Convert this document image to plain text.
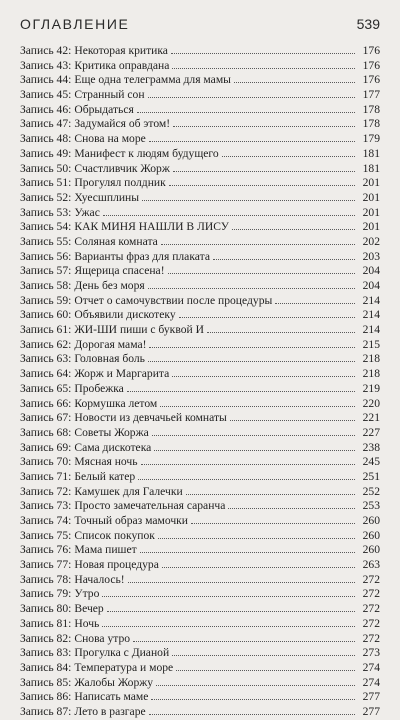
ОГЛАВЛЕНИЕ	539
Запись 42: Некоторая критика	176
Запись 43: Критика оправдана	176
Запись 44: Еще одна телеграмма для мамы	176
Запись 45: Странный сон	177
Запись 46: Обрыдаться	178
Запись 47: Задумайся об этом!	178
Запись 48: Снова на море	179
Запись 49: Манифест к людям будущего	181
Запись 50: Счастливчик Жорж	181
Запись 51: Прогулял полдник	201
Запись 52: Хуесшплины	201
Запись 53: Ужас	201
Запись 54: КАК МИНЯ НАШЛИ В ЛИСУ	201
Запись 55: Соляная комната	202
Запись 56: Варианты фраз для плаката	203
Запись 57: Ящерица спасена!	204
Запись 58: День без моря	204
Запись 59: Отчет о самочувствии после процедуры	214
Запись 60: Объявили дискотеку	214
Запись 61: ЖИ-ШИ пиши с буквой И	214
Запись 62: Дорогая мама!	215
Запись 63: Головная боль	218
Запись 64: Жорж и Маргарита	218
Запись 65: Пробежка	219
Запись 66: Кормушка летом	220
Запись 67: Новости из девчачьей комнаты	221
Запись 68: Советы Жоржа	227
Запись 69: Сама дискотека	238
Запись 70: Мясная ночь	245
Запись 71: Белый катер	251
Запись 72: Камушек для Галечки	252
Запись 73: Просто замечательная саранча	253
Запись 74: Точный образ мамочки	260
Запись 75: Список покупок	260
Запись 76: Мама пишет	260
Запись 77: Новая процедура	263
Запись 78: Началось!	272
Запись 79: Утро	272
Запись 80: Вечер	272
Запись 81: Ночь	272
Запись 82: Снова утро	272
Запись 83: Прогулка с Дианой	273
Запись 84: Температура и море	274
Запись 85: Жалобы Жоржу	274
Запись 86: Написать маме	277
Запись 87: Лето в разгаре	277
